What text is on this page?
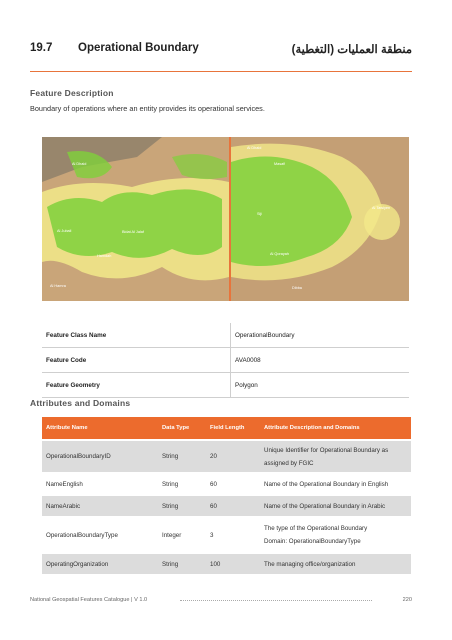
19.7 Operational Boundary	منطقة العمليات (التغطية)
Feature Description
Boundary of operations where an entity provides its operational services.
Al Dhaid
Al Jubail	Bidat Al Jalaf
Hamdah
Al Hamra
Al Dhaid
Masafi
Siji
Al Tawiyen
Al Qorayah
Dibba
Feature Class Name	OperationalBoundary
Feature Code	AVA0008
Feature Geometry	Polygon
Attributes and Domains
Attribute Name	Data Type	Field Length	Attribute Description and Domains
OperationalBoundaryID	String	20	Unique Identifier for Operational Boundary as
assigned by FGIC

NameEnglish	String	60	Name of the Operational Boundary in English
NameArabic	String	60	Name of the Operational Boundary in Arabic
OperationalBoundaryType	Integer	3	The type of the Operational Boundary
Domain: OperationalBoundaryType

OperatingOrganization	String	100	The managing office/organization
National Geospatial Features Catalogue | V 1.0	220
